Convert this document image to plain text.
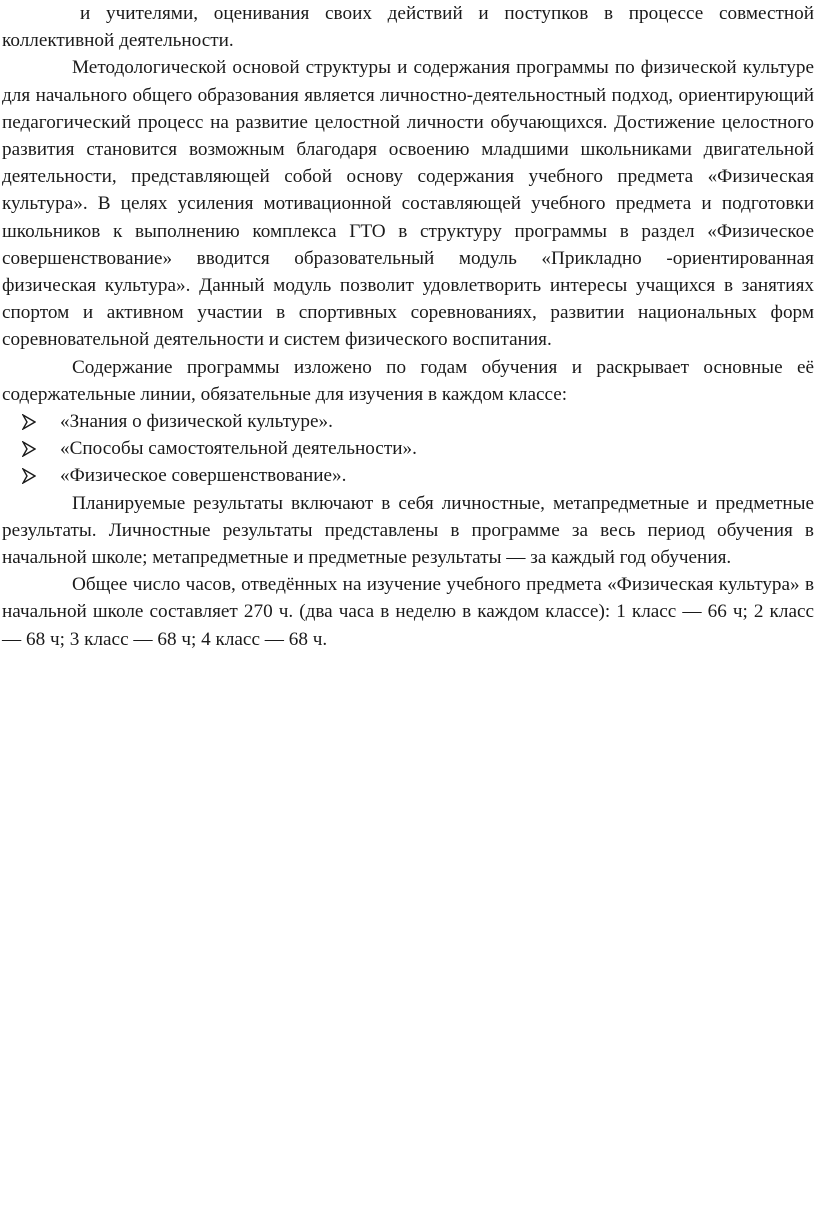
и учителями, оценивания своих действий и поступков в процессе совместной коллективной деятельности.

Методологической основой структуры и содержания программы по физической культуре для начального общего образования является личностно-деятельностный подход, ориентирующий педагогический процесс на развитие целостной личности обучающихся. Достижение целостного развития становится возможным благодаря освоению младшими школьниками двигательной деятельности, представляющей собой основу содержания учебного предмета «Физическая культура». В целях усиления мотивационной составляющей учебного предмета и подготовки школьников к выполнению комплекса ГТО в структуру программы в раздел «Физическое совершенствование» вводится образовательный модуль «Прикладно -ориентированная физическая культура». Данный модуль позволит удовлетворить интересы учащихся в занятиях спортом и активном участии в спортивных соревнованиях, развитии национальных форм соревновательной деятельности и систем физического воспитания.

Содержание программы изложено по годам обучения и раскрывает основные её содержательные линии, обязательные для изучения в каждом классе:

«Знания о физической культуре».
«Способы самостоятельной деятельности».
«Физическое совершенствование».

Планируемые результаты включают в себя личностные, метапредметные и предметные результаты. Личностные результаты представлены в программе за весь период обучения в начальной школе; метапредметные и предметные результаты — за каждый год обучения.

Общее число часов, отведённых на изучение учебного предмета «Физическая культура» в начальной школе составляет 270 ч. (два часа в неделю в каждом классе): 1 класс — 66 ч; 2 класс — 68 ч; 3 класс — 68 ч; 4 класс — 68 ч.
